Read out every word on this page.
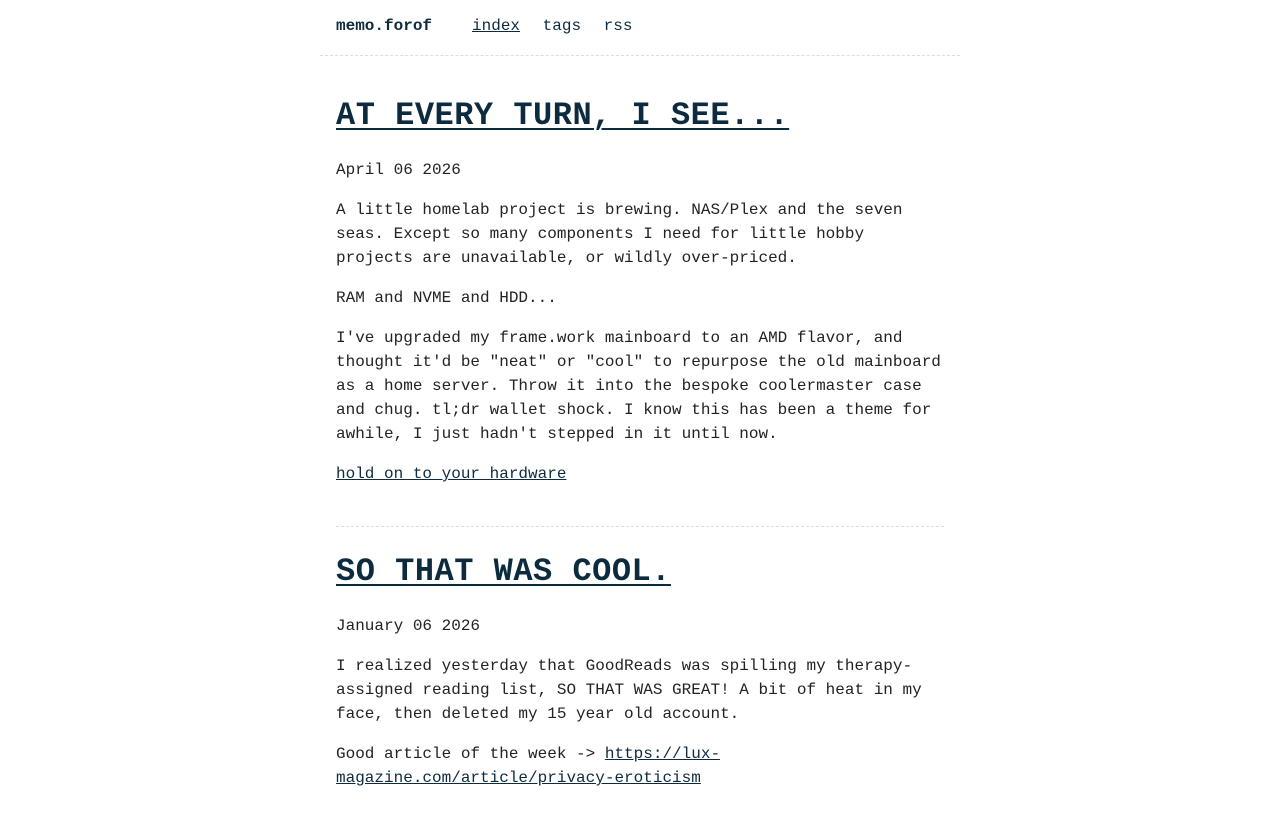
memo.forof	index tags rss
AT EVERY TURN, I SEE...
April 06 2026

A little homelab project is brewing. NAS/Plex and the seven seas. Except so many components I need for little hobby projects are unavailable, or wildly over-priced.

RAM and NVME and HDD...

I've upgraded my frame.work mainboard to an AMD flavor, and thought it'd be "neat" or "cool" to repurpose the old mainboard as a home server. Throw it into the bespoke coolermaster case and chug. tl;dr wallet shock. I know this has been a theme for awhile, I just hadn't stepped in it until now.

hold on to your hardware

SO THAT WAS COOL.
January 06 2026

I realized yesterday that GoodReads was spilling my therapy-assigned reading list, SO THAT WAS GREAT! A bit of heat in my face, then deleted my 15 year old account.

Good article of the week -> https://lux-magazine.com/article/privacy-eroticism
